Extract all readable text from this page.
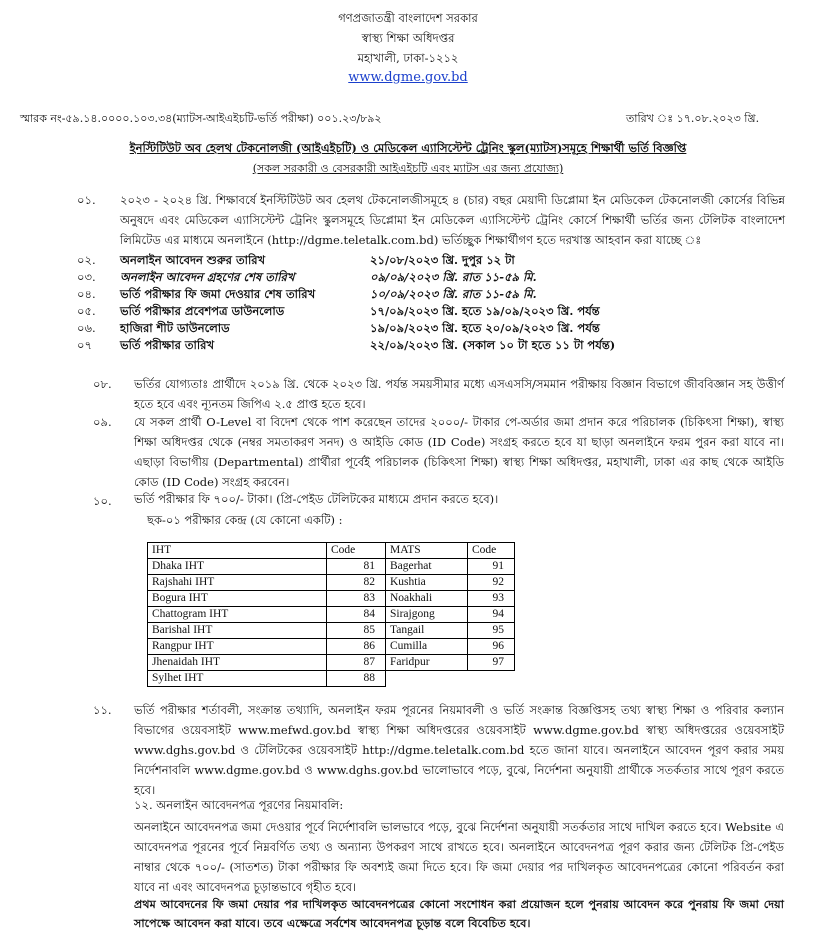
গণপ্রজাতন্ত্রী বাংলাদেশ সরকার
স্বাস্থ্য শিক্ষা অধিদপ্তর
মহাখালী, ঢাকা-১২১২
www.dgme.gov.bd
স্মারক নং-৫৯.১৪.০০০০.১০৩.৩৪(ম্যাটস-আইএইচটি-ভর্তি পরীক্ষা) ০০১.২৩/৮৯২	তারিখ ঃ ১৭.০৮.২০২৩ খ্রি.
ইনস্টিটিউট অব হেলথ টেকনোলজী (আইএইচটি) ও মেডিকেল এ্যাসিস্টেন্ট ট্রেনিং স্কুল(ম্যাটস)সমূহে শিক্ষার্থী ভর্তি বিজ্ঞপ্তি
(সকল সরকারী ও বেসরকারী আইএইচটি এবং ম্যাটস এর জন্য প্রযোজ্য)
০১.	২০২৩ - ২০২৪ খ্রি. শিক্ষাবর্ষে ইনস্টিটিউট অব হেলথ টেকনোলজীসমূহে ৪ (চার) বছর মেয়াদী ডিপ্লোমা ইন মেডিকেল টেকনোলজী কোর্সের বিভিন্ন অনুষদে এবং মেডিকেল এ্যাসিস্টেন্ট ট্রেনিং স্কুলসমূহে ডিপ্লোমা ইন মেডিকেল এ্যাসিস্টেন্ট ট্রেনিং কোর্সে শিক্ষার্থী ভর্তির জন্য টেলিটক বাংলাদেশ লিমিটেড এর মাধ্যমে অনলাইনে (http://dgme.teletalk.com.bd) ভর্তিচ্ছুক শিক্ষার্থীগণ হতে দরখাস্ত আহবান করা যাচ্ছে ঃ
০২.	অনলাইন আবেদন শুরুর তারিখ	২১/০৮/২০২৩ খ্রি. দুপুর ১২ টা
০৩.	অনলাইন আবেদন গ্রহণের শেষ তারিখ	০৯/০৯/২০২৩ খ্রি. রাত ১১-৫৯ মি.
০৪.	ভর্তি পরীক্ষার ফি জমা দেওয়ার শেষ তারিখ	১০/০৯/২০২৩ খ্রি. রাত ১১-৫৯ মি.
০৫.	ভর্তি পরীক্ষার প্রবেশপত্র ডাউনলোড	১৭/০৯/২০২৩ খ্রি. হতে ১৯/০৯/২০২৩ খ্রি. পর্যন্ত
০৬.	হাজিরা শীট ডাউনলোড	১৯/০৯/২০২৩ খ্রি. হতে ২০/০৯/২০২৩ খ্রি. পর্যন্ত
০৭	ভর্তি পরীক্ষার তারিখ	২২/০৯/২০২৩ খ্রি. (সকাল ১০ টা হতে ১১ টা পর্যন্ত)
০৮.	ভর্তির যোগ্যতাঃ প্রার্থীদে ২০১৯ খ্রি. থেকে ২০২৩ খ্রি. পর্যন্ত সময়সীমার মধ্যে এসএসসি/সমমান পরীক্ষায় বিজ্ঞান বিভাগে জীববিজ্ঞান সহ উত্তীর্ণ হতে হবে এবং ন্যূনতম জিপিএ ২.৫ প্রাপ্ত হতে হবে।
০৯.	যে সকল প্রার্থী O-Level বা বিদেশ থেকে পাশ করেছেন তাদের ২০০০/- টাকার পে-অর্ডার জমা প্রদান করে পরিচালক (চিকিৎসা শিক্ষা), স্বাস্থ্য শিক্ষা অধিদপ্তর থেকে (নম্বর সমতাকরণ সনদ) ও আইডি কোড (ID Code) সংগ্রহ করতে হবে যা ছাড়া অনলাইনে ফরম পুরন করা যাবে না। এছাড়া বিভাগীয় (Departmental) প্রার্থীরা পূর্বেই পরিচালক (চিকিৎসা শিক্ষা) স্বাস্থ্য শিক্ষা অধিদপ্তর, মহাখালী, ঢাকা এর কাছ থেকে আইডি কোড (ID Code) সংগ্রহ করবেন।
১০.	ভর্তি পরীক্ষার ফি ৭০০/- টাকা। (প্রি-পেইড টেলিটকের মাধ্যমে প্রদান করতে হবে)।
ছক-০১ পরীক্ষার কেন্দ্র (যে কোনো একটি) :
IHT	Code	MATS	Code
Dhaka IHT	81	Bagerhat	91
Rajshahi IHT	82	Kushtia	92
Bogura IHT	83	Noakhali	93
Chattogram IHT	84	Sirajgong	94
Barishal IHT	85	Tangail	95
Rangpur IHT	86	Cumilla	96
Jhenaidah IHT	87	Faridpur	97
Sylhet IHT	88		
১১.	ভর্তি পরীক্ষার শর্তাবলী, সংক্রান্ত তথ্যাদি, অনলাইন ফরম পূরনের নিয়মাবলী ও ভর্তি সংক্রান্ত বিজ্ঞপ্তিসহ তথ্য স্বাস্থ্য শিক্ষা ও পরিবার কল্যান বিভাগের ওয়েবসাইট www.mefwd.gov.bd স্বাস্থ্য শিক্ষা অধিদপ্তরের ওয়েবসাইট www.dgme.gov.bd স্বাস্থ্য অধিদপ্তরের ওয়েবসাইট www.dghs.gov.bd ও টেলিটকের ওয়েবসাইট http://dgme.teletalk.com.bd হতে জানা যাবে। অনলাইনে আবেদন পূরণ করার সময় নির্দেশনাবলি www.dgme.gov.bd ও www.dghs.gov.bd ভালোভাবে পড়ে, বুঝে, নির্দেশনা অনুযায়ী প্রার্থীকে সতর্কতার সাথে পূরণ করতে হবে।
১২. অনলাইন আবেদনপত্র পূরণের নিয়মাবলি:
অনলাইনে আবেদনপত্র জমা দেওয়ার পূর্বে নির্দেশাবলি ভালভাবে পড়ে, বুঝে নির্দেশনা অনুযায়ী সতর্কতার সাথে দাখিল করতে হবে। Website এ আবেদনপত্র পূরনের পূর্বে নিম্নবর্ণিত তথ্য ও অন্যান্য উপকরণ সাথে রাখতে হবে। অনলাইনে আবেদনপত্র পূরণ করার জন্য টেলিটক প্রি-পেইড নাম্বার থেকে ৭০০/- (সাতশত) টাকা পরীক্ষার ফি অবশ্যই জমা দিতে হবে। ফি জমা দেয়ার পর দাখিলকৃত আবেদনপত্রের কোনো পরিবর্তন করা যাবে না এবং আবেদনপত্র চূড়ান্তভাবে গৃহীত হবে।
প্রথম আবেদনের ফি জমা দেয়ার পর দাখিলকৃত আবেদনপত্রের কোনো সংশোধন করা প্রয়োজন হলে পুনরায় আবেদন করে পুনরায় ফি জমা দেয়া সাপেক্ষে আবেদন করা যাবে। তবে এক্ষেত্রে সর্বশেষ আবেদনপত্র চূড়ান্ত বলে বিবেচিত হবে।
